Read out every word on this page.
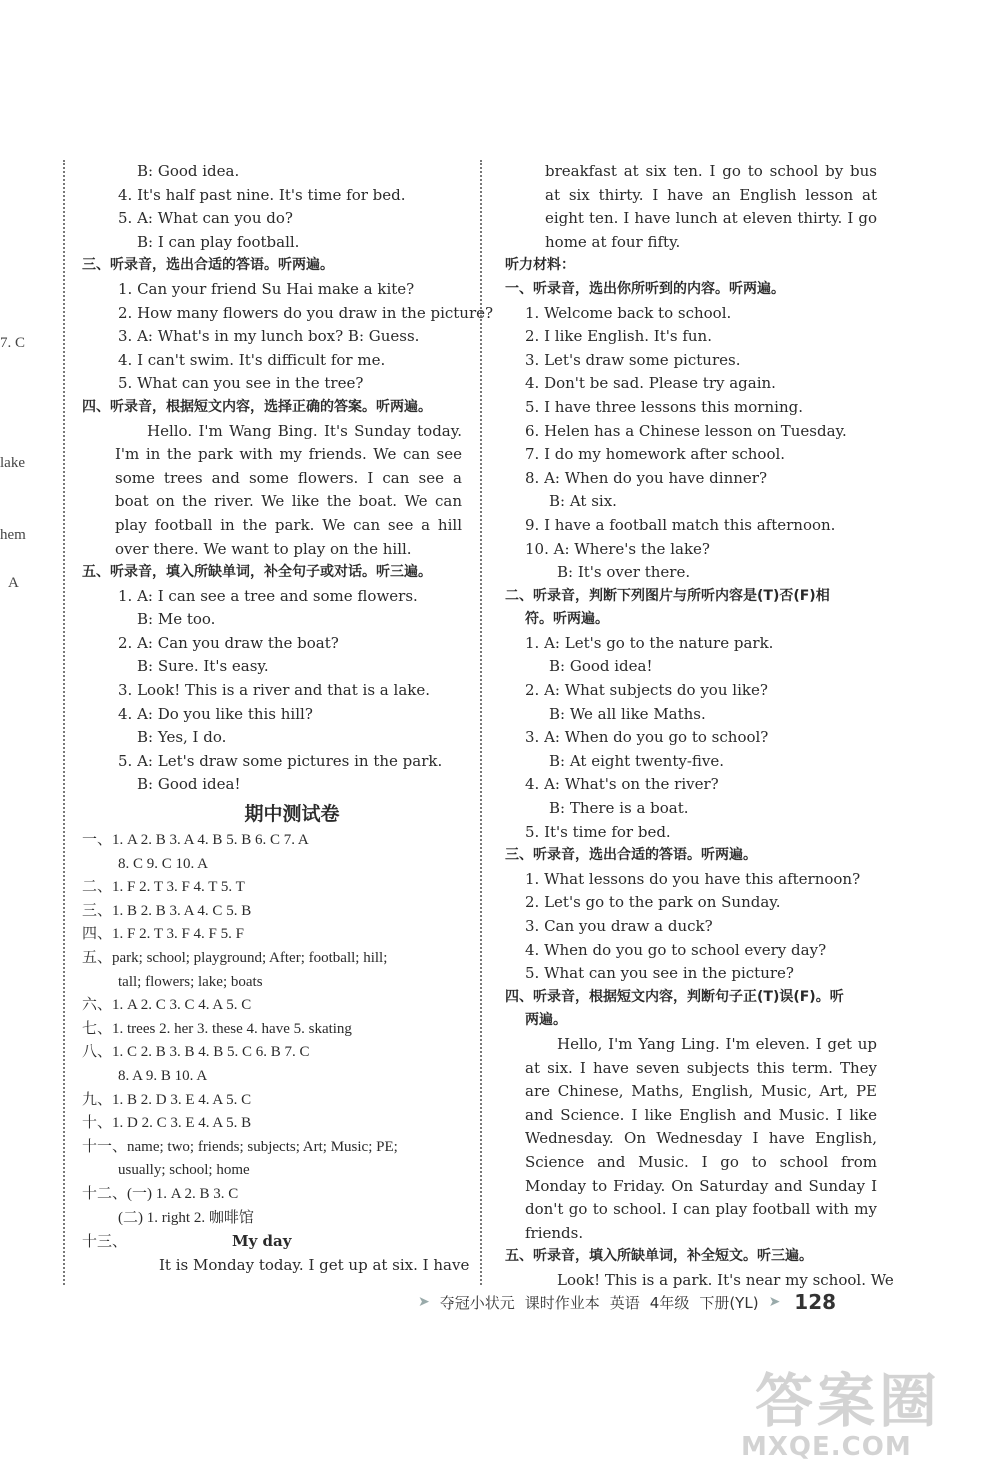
7. C
lake
hem
A
B: Good idea.
4. It's half past nine. It's time for bed.
5. A: What can you do?
B: I can play football.
三、听录音，选出合适的答语。听两遍。
1. Can your friend Su Hai make a kite?
2. How many flowers do you draw in the picture?
3. A: What's in my lunch box? B: Guess.
4. I can't swim. It's difficult for me.
5. What can you see in the tree?
四、听录音，根据短文内容，选择正确的答案。听两遍。
Hello. I'm Wang Bing. It's Sunday today. I'm in the park with my friends. We can see some trees and some flowers. I can see a boat on the river. We like the boat. We can play football in the park. We can see a hill over there. We want to play on the hill.
五、听录音，填入所缺单词，补全句子或对话。听三遍。
1. A: I can see a tree and some flowers.
B: Me too.
2. A: Can you draw the boat?
B: Sure. It's easy.
3. Look! This is a river and that is a lake.
4. A: Do you like this hill?
B: Yes, I do.
5. A: Let's draw some pictures in the park.
B: Good idea!
期中测试卷
一、1. A 2. B 3. A 4. B 5. B 6. C 7. A
8. C 9. C 10. A
二、1. F 2. T 3. F 4. T 5. T
三、1. B 2. B 3. A 4. C 5. B
四、1. F 2. T 3. F 4. F 5. F
五、park; school; playground; After; football; hill;
tall; flowers; lake; boats
六、1. A 2. C 3. C 4. A 5. C
七、1. trees 2. her 3. these 4. have 5. skating
八、1. C 2. B 3. B 4. B 5. C 6. B 7. C
8. A 9. B 10. A
九、1. B 2. D 3. E 4. A 5. C
十、1. D 2. C 3. E 4. A 5. B
十一、name; two; friends; subjects; Art; Music; PE;
usually; school; home
十二、(一) 1. A 2. B 3. C
(二) 1. right 2. 咖啡馆
十三、	My day
It is Monday today. I get up at six. I have
breakfast at six ten. I go to school by bus at six thirty. I have an English lesson at eight ten. I have lunch at eleven thirty. I go home at four fifty.
听力材料：
一、听录音，选出你所听到的内容。听两遍。
1. Welcome back to school.
2. I like English. It's fun.
3. Let's draw some pictures.
4. Don't be sad. Please try again.
5. I have three lessons this morning.
6. Helen has a Chinese lesson on Tuesday.
7. I do my homework after school.
8. A: When do you have dinner?
B: At six.
9. I have a football match this afternoon.
10. A: Where's the lake?
B: It's over there.
二、听录音，判断下列图片与所听内容是(T)否(F)相
符。听两遍。
1. A: Let's go to the nature park.
B: Good idea!
2. A: What subjects do you like?
B: We all like Maths.
3. A: When do you go to school?
B: At eight twenty-five.
4. A: What's on the river?
B: There is a boat.
5. It's time for bed.
三、听录音，选出合适的答语。听两遍。
1. What lessons do you have this afternoon?
2. Let's go to the park on Sunday.
3. Can you draw a duck?
4. When do you go to school every day?
5. What can you see in the picture?
四、听录音，根据短文内容，判断句子正(T)误(F)。听
两遍。
Hello, I'm Yang Ling. I'm eleven. I get up at six. I have seven subjects this term. They are Chinese, Maths, English, Music, Art, PE and Science. I like English and Music. I like Wednesday. On Wednesday I have English, Science and Music. I go to school from Monday to Friday. On Saturday and Sunday I don't go to school. I can play football with my friends.
五、听录音，填入所缺单词，补全短文。听三遍。
Look! This is a park. It's near my school. We
➤ 夺冠小状元 课时作业本 英语 4年级 下册(YL) ➤ 128
答案圈
MXQE.COM
